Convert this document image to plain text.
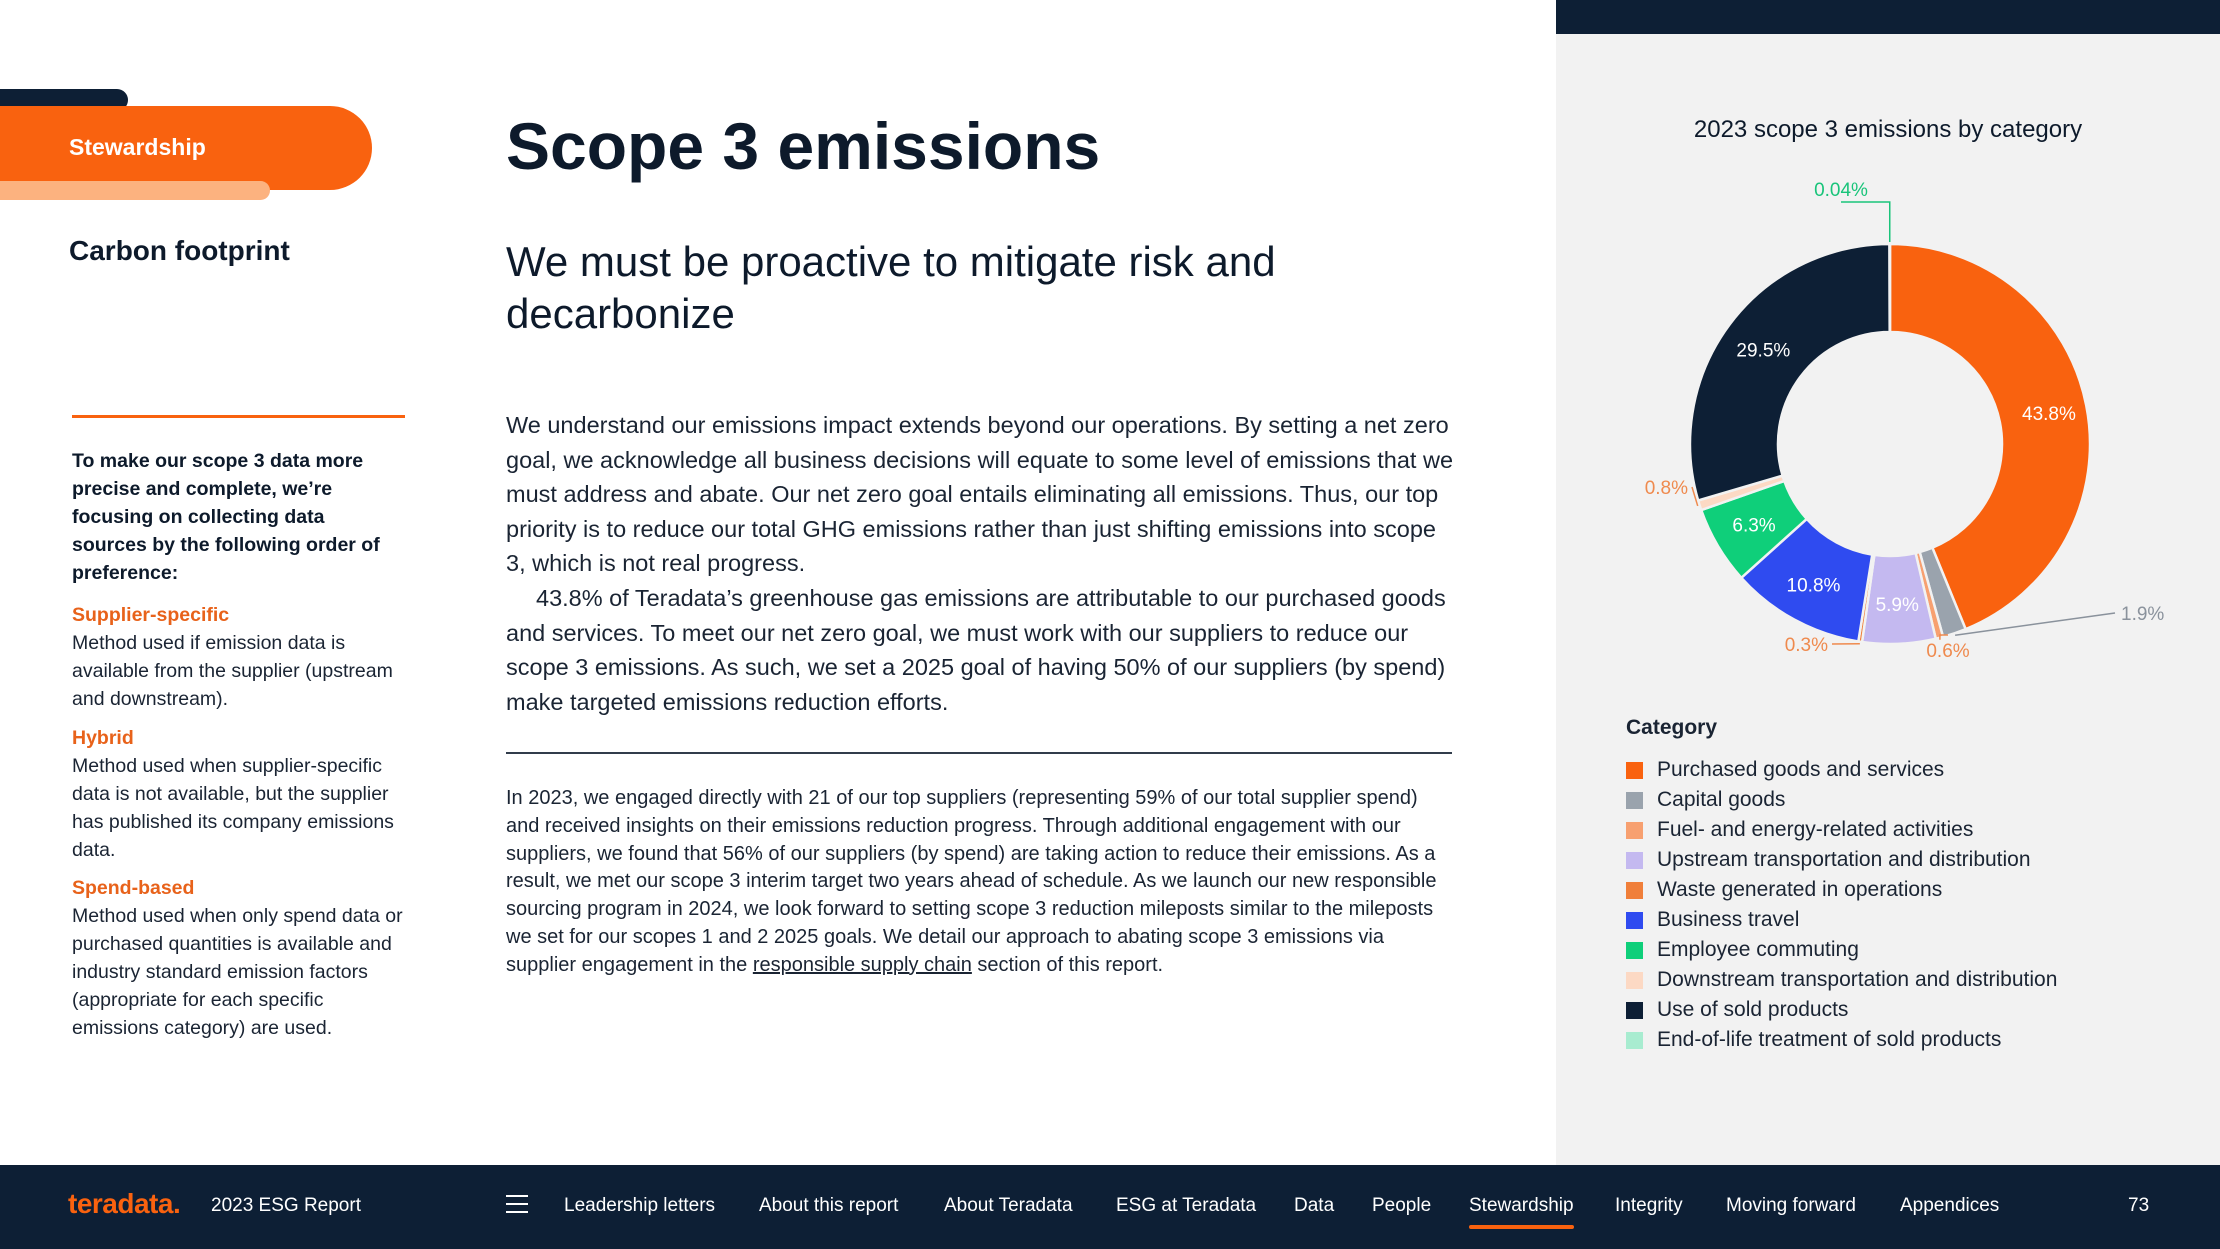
Stewardship
Carbon footprint
To make our scope 3 data more precise and complete, we’re focusing on collecting data sources by the following order of preference:
Supplier-specific
Method used if emission data is available from the supplier (upstream and downstream).
Hybrid
Method used when supplier-specific data is not available, but the supplier has published its company emissions data.
Spend-based
Method used when only spend data or purchased quantities is available and industry standard emission factors (appropriate for each specific emissions category) are used.
Scope 3 emissions
We must be proactive to mitigate risk and decarbonize

We understand our emissions impact extends beyond our operations. By setting a net zero goal, we acknowledge all business decisions will equate to some level of emissions that we must address and abate. Our net zero goal entails eliminating all emissions. Thus, our top priority is to reduce our total GHG emissions rather than just shifting emissions into scope 3, which is not real progress.

43.8% of Teradata’s greenhouse gas emissions are attributable to our purchased goods and services. To meet our net zero goal, we must work with our suppliers to reduce our scope 3 emissions. As such, we set a 2025 goal of having 50% of our suppliers (by spend) make targeted emissions reduction efforts.

In 2023, we engaged directly with 21 of our top suppliers (representing 59% of our total supplier spend) and received insights on their emissions reduction progress. Through additional engagement with our suppliers, we found that 56% of our suppliers (by spend) are taking action to reduce their emissions. As a result, we met our scope 3 interim target two years ahead of schedule. As we launch our new responsible sourcing program in 2024, we look forward to setting scope 3 reduction mileposts similar to the mileposts we set for our scopes 1 and 2 2025 goals. We detail our approach to abating scope 3 emissions via supplier engagement in the responsible supply chain section of this report.
2023 scope 3 emissions by category
43.8%
1.9%
0.6%
5.9%
0.3%
10.8%
6.3%
0.8%
29.5%
0.04%
Category
Purchased goods and services
Capital goods
Fuel- and energy-related activities
Upstream transportation and distribution
Waste generated in operations
Business travel
Employee commuting
Downstream transportation and distribution
Use of sold products
End-of-life treatment of sold products
teradata. 2023 ESG Report	Leadership letters About this report About Teradata ESG at Teradata Data People Stewardship Integrity Moving forward Appendices	73
